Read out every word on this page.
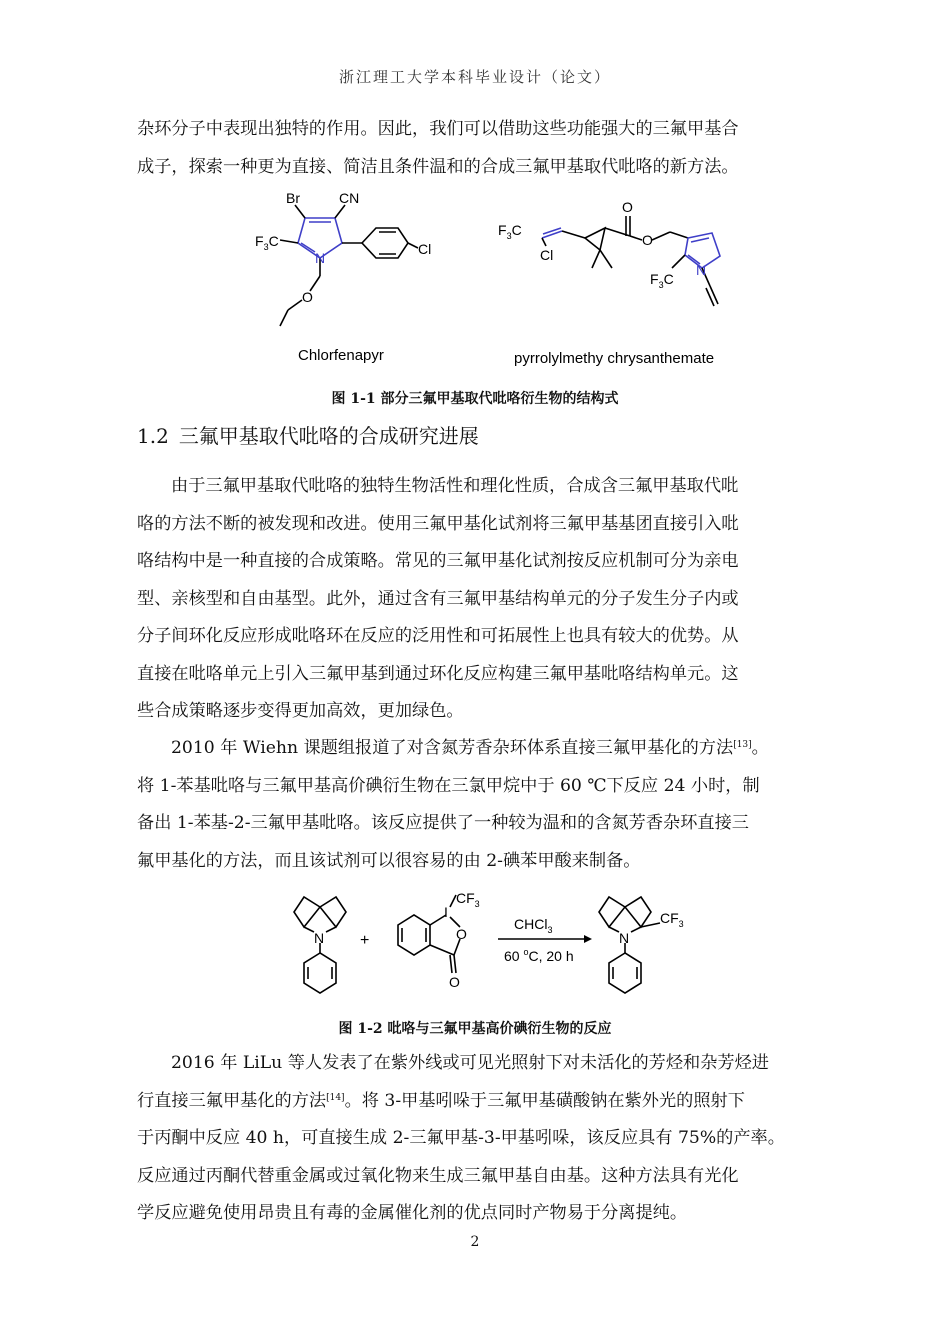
浙江理工大学本科毕业设计（论文）

杂环分子中表现出独特的作用。因此，我们可以借助这些功能强大的三氟甲基合
成子，探索一种更为直接、简洁且条件温和的合成三氟甲基取代吡咯的新方法。

Br	CN
$F_3C$
N
O
Cl
Chlorfenapyr
$F_3C$
Cl
O
O
N
$F_3C$
pyrrolylmethy chrysanthemate
图 1-1 部分三氟甲基取代吡咯衍生物的结构式
1.2 三氟甲基取代吡咯的合成研究进展

由于三氟甲基取代吡咯的独特生物活性和理化性质，合成含三氟甲基取代吡
咯的方法不断的被发现和改进。使用三氟甲基化试剂将三氟甲基基团直接引入吡
咯结构中是一种直接的合成策略。常见的三氟甲基化试剂按反应机制可分为亲电
型、亲核型和自由基型。此外，通过含有三氟甲基结构单元的分子发生分子内或
分子间环化反应形成吡咯环在反应的泛用性和可拓展性上也具有较大的优势。从
直接在吡咯单元上引入三氟甲基到通过环化反应构建三氟甲基吡咯结构单元。这
些合成策略逐步变得更加高效，更加绿色。

2010 年 Wiehn 课题组报道了对含氮芳香杂环体系直接三氟甲基化的方法[13]。
将 1-苯基吡咯与三氟甲基高价碘衍生物在三氯甲烷中于 60 ℃下反应 24 小时，制
备出 1-苯基-2-三氟甲基吡咯。该反应提供了一种较为温和的含氮芳香杂环直接三
氟甲基化的方法，而且该试剂可以很容易的由 2-碘苯甲酸来制备。

N +
I
O
O
$CF_3$
CHCl$_3$
60 $^o$C, 20 h
N
$CF_3$
图 1-2 吡咯与三氟甲基高价碘衍生物的反应

2016 年 LiLu 等人发表了在紫外线或可见光照射下对未活化的芳烃和杂芳烃进
行直接三氟甲基化的方法[14]。将 3-甲基吲哚于三氟甲基磺酸钠在紫外光的照射下
于丙酮中反应 40 h，可直接生成 2-三氟甲基-3-甲基吲哚，该反应具有 75%的产率。
反应通过丙酮代替重金属或过氧化物来生成三氟甲基自由基。这种方法具有光化
学反应避免使用昂贵且有毒的金属催化剂的优点同时产物易于分离提纯。

2
